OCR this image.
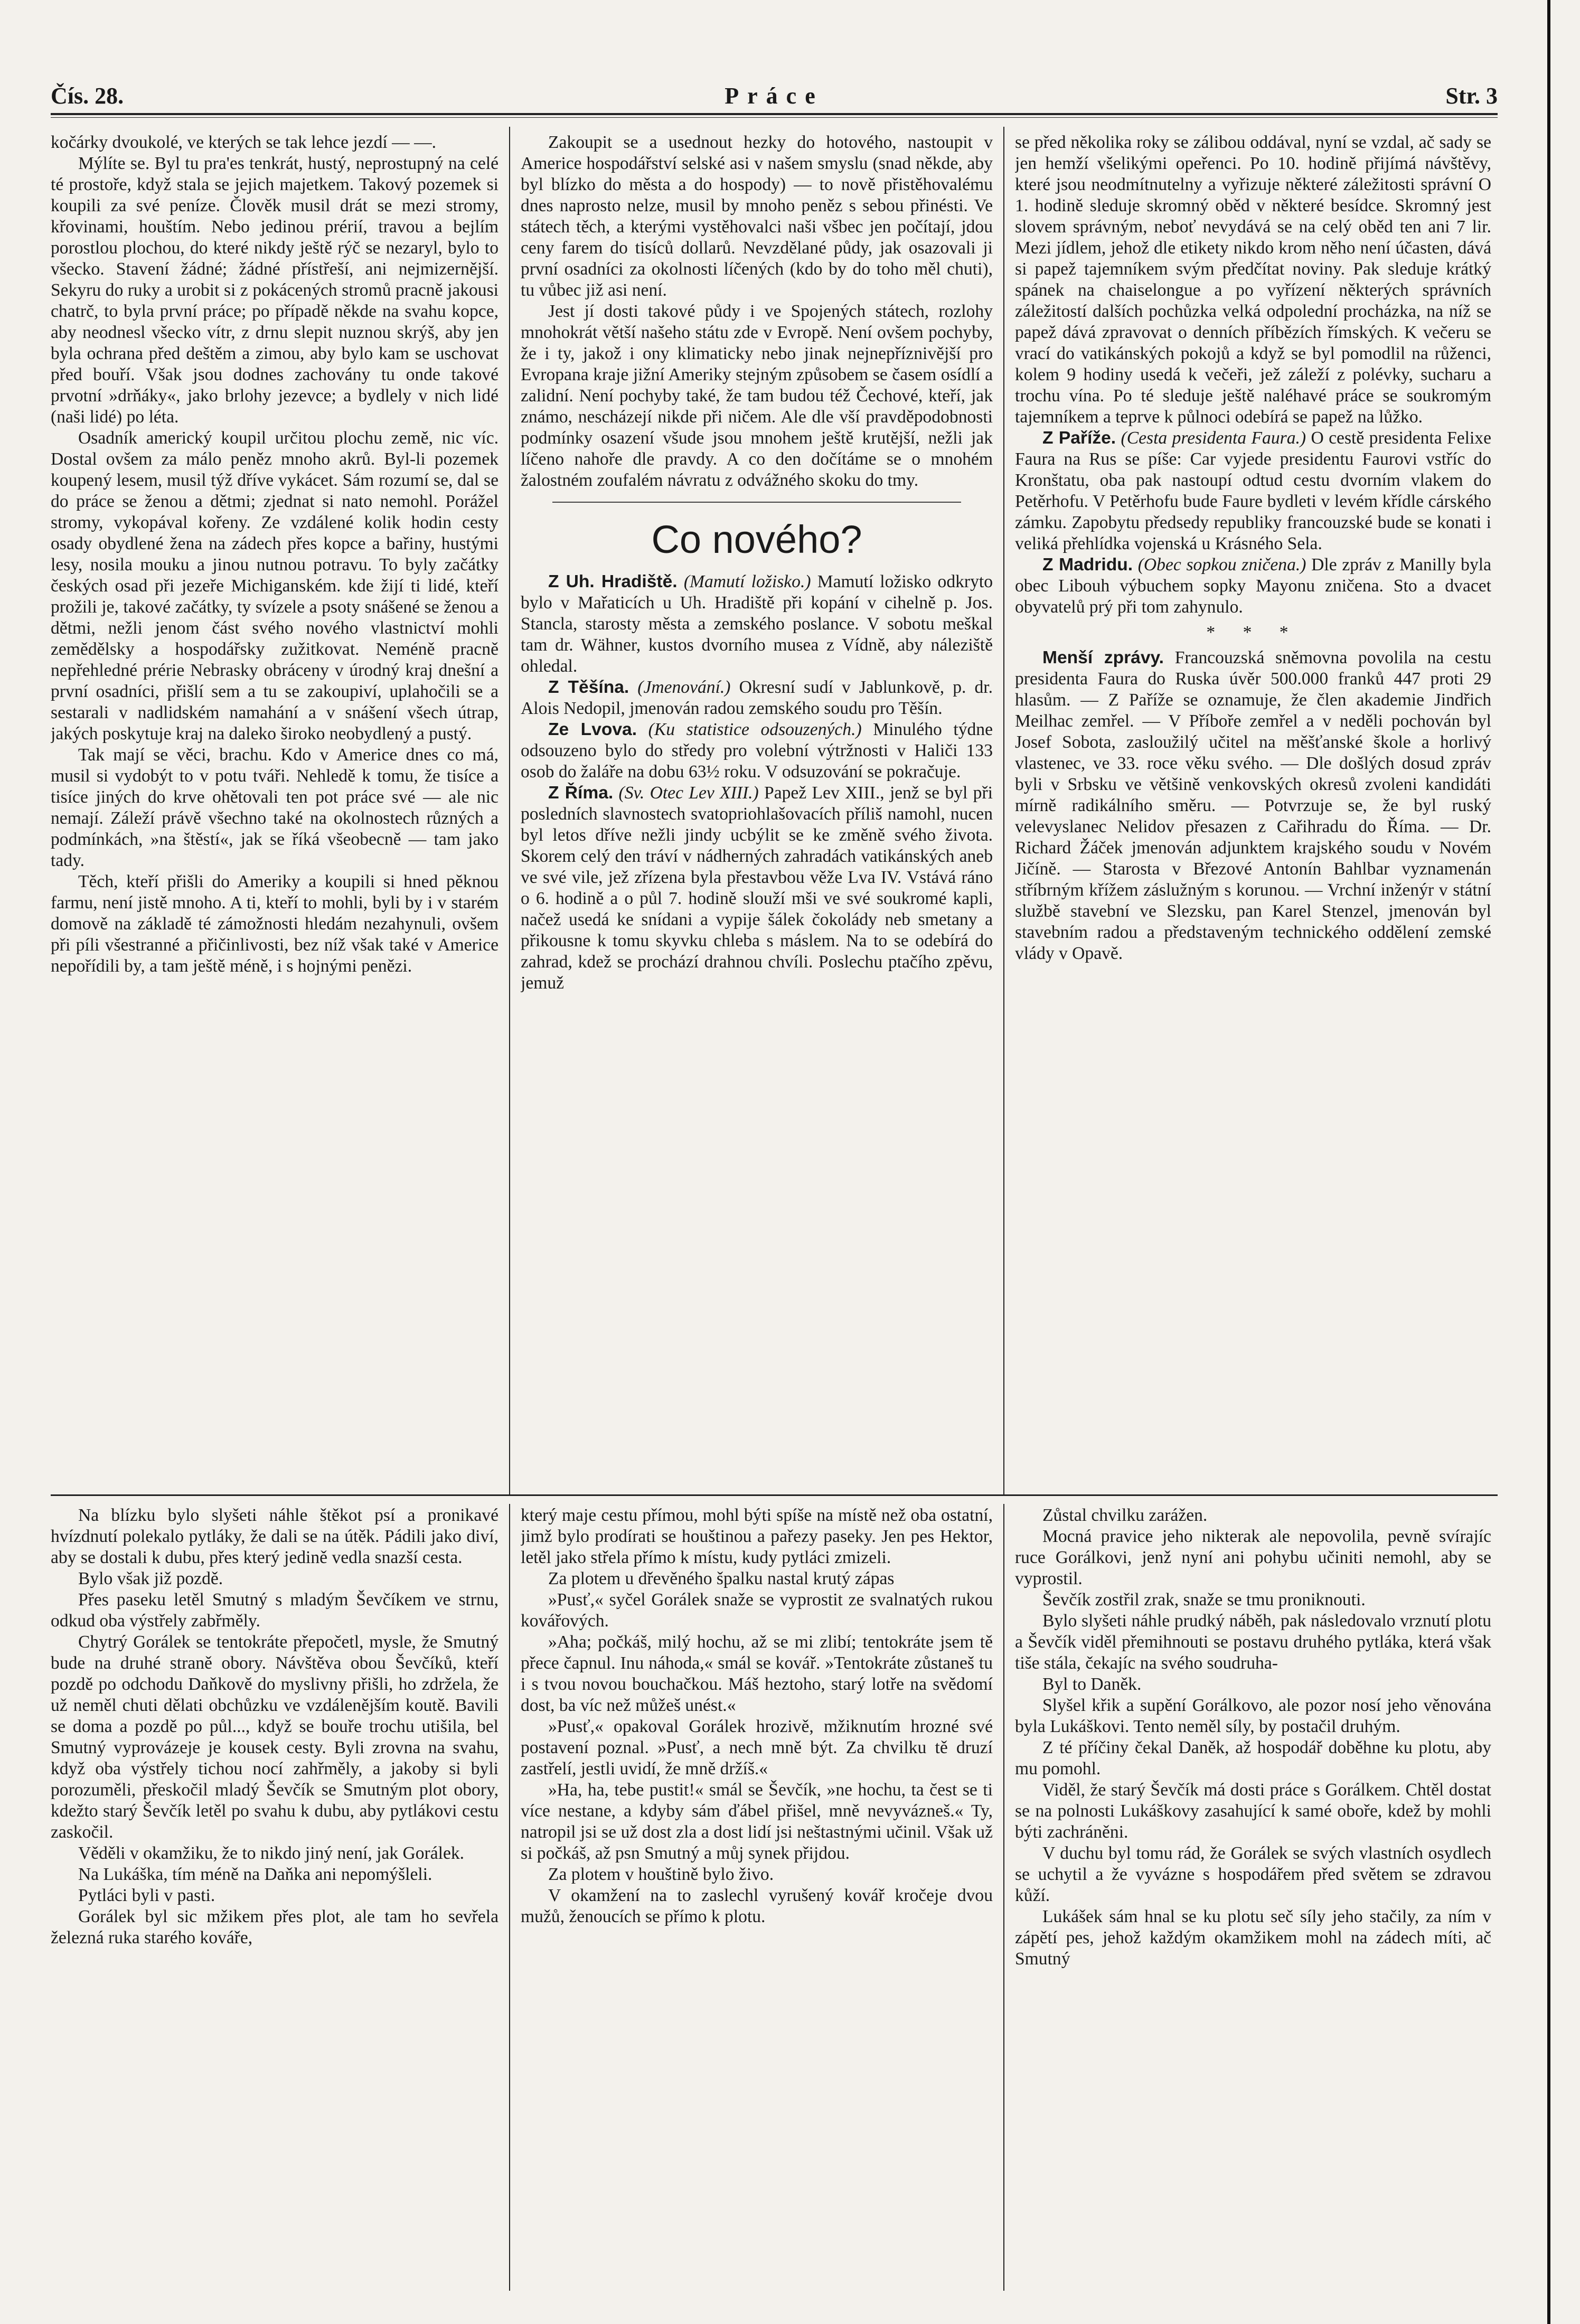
Čís. 28.	Práce	Str. 3

kočárky dvoukolé, ve kterých se tak lehce jezdí — —.

Mýlíte se. Byl tu pra'es tenkrát, hustý, neprostupný na celé té prostoře, když stala se jejich majetkem. Takový pozemek si koupili za své peníze. Člověk musil drát se mezi stromy, křovinami, houštím. Nebo jedinou prérií, travou a bejlím porostlou plochou, do které nikdy ještě rýč se nezaryl, bylo to všecko. Stavení žádné; žádné přístřeší, ani nejmizernější. Sekyru do ruky a urobit si z pokácených stromů pracně jakousi chatrč, to byla první práce; po případě někde na svahu kopce, aby neodnesl všecko vítr, z drnu slepit nuznou skrýš, aby jen byla ochrana před deštěm a zimou, aby bylo kam se uschovat před bouří. Však jsou dodnes zachovány tu onde takové prvotní »drňáky«, jako brlohy jezevce; a bydlely v nich lidé (naši lidé) po léta.

Osadník americký koupil určitou plochu země, nic víc. Dostal ovšem za málo peněz mnoho akrů. Byl-li pozemek koupený lesem, musil týž dříve vykácet. Sám rozumí se, dal se do práce se ženou a dětmi; zjednat si nato nemohl. Porážel stromy, vykopával kořeny. Ze vzdálené kolik hodin cesty osady obydlené žena na zádech přes kopce a bařiny, hustými lesy, nosila mouku a jinou nutnou potravu. To byly začátky českých osad při jezeře Michiganském. kde žijí ti lidé, kteří prožili je, takové začátky, ty svízele a psoty snášené se ženou a dětmi, nežli jenom část svého nového vlastnictví mohli zemědělsky a hospodářsky zužitkovat. Neméně pracně nepřehledné prérie Nebrasky obráceny v úrodný kraj dnešní a první osadníci, přišlí sem a tu se zakoupiví, uplahočili se a sestarali v nadlidském namahání a v snášení všech útrap, jakých poskytuje kraj na daleko široko neobydlený a pustý.

Tak mají se věci, brachu. Kdo v Americe dnes co má, musil si vydobýt to v potu tváři. Nehledě k tomu, že tisíce a tisíce jiných do krve ohětovali ten pot práce své — ale nic nemají. Záleží právě všechno také na okolnostech různých a podmínkách, »na štěstí«, jak se říká všeobecně — tam jako tady.

Těch, kteří přišli do Ameriky a koupili si hned pěknou farmu, není jistě mnoho. A ti, kteří to mohli, byli by i v starém domově na základě té zámožnosti hledám nezahynuli, ovšem při píli všestranné a přičinlivosti, bez níž však také v Americe nepořídili by, a tam ještě méně, i s hojnými penězi.

Zakoupit se a usednout hezky do hotového, nastoupit v Americe hospodářství selské asi v našem smyslu (snad někde, aby byl blízko do města a do hospody) — to nově přistěhovalému dnes naprosto nelze, musil by mnoho peněz s sebou přinésti. Ve státech těch, a kterými vystěhovalci naši všbec jen počítají, jdou ceny farem do tisíců dollarů. Nevzdělané půdy, jak osazovali ji první osadníci za okolnosti líčených (kdo by do toho měl chuti), tu vůbec již asi není.

Jest jí dosti takové půdy i ve Spojených státech, rozlohy mnohokrát větší našeho státu zde v Evropě. Není ovšem pochyby, že i ty, jakož i ony klimaticky nebo jinak nejnepříznivější pro Evropana kraje jižní Ameriky stejným způsobem se časem osídlí a zalidní. Není pochyby také, že tam budou též Čechové, kteří, jak známo, nescházejí nikde při ničem. Ale dle vší pravděpodobnosti podmínky osazení všude jsou mnohem ještě krutější, nežli jak líčeno nahoře dle pravdy. A co den dočítáme se o mnohém žalostném zoufalém návratu z odvážného skoku do tmy.

Co nového?

Z Uh. Hradiště. (Mamutí ložisko.) Mamutí ložisko odkryto bylo v Mařaticích u Uh. Hradiště při kopání v cihelně p. Jos. Stancla, starosty města a zemského poslance. V sobotu meškal tam dr. Wähner, kustos dvorního musea z Vídně, aby náleziště ohledal.

Z Těšína. (Jmenování.) Okresní sudí v Jablunkově, p. dr. Alois Nedopil, jmenován radou zemského soudu pro Těšín.

Ze Lvova. (Ku statistice odsouzených.) Minulého týdne odsouzeno bylo do středy pro volební výtržnosti v Haliči 133 osob do žaláře na dobu 63½ roku. V odsuzování se pokračuje.

Z Říma. (Sv. Otec Lev XIII.) Papež Lev XIII., jenž se byl při posledních slavnostech svatopriohlašovacích příliš namohl, nucen byl letos dříve nežli jindy ucbýlit se ke změně svého života. Skorem celý den tráví v nádherných zahradách vatikánských aneb ve své vile, jež zřízena byla přestavbou věže Lva IV. Vstává ráno o 6. hodině a o půl 7. hodině slouží mši ve své soukromé kapli, načež usedá ke snídani a vypije šálek čokolády neb smetany a přikousne k tomu skyvku chleba s máslem. Na to se odebírá do zahrad, kdež se prochází drahnou chvíli. Poslechu ptačího zpěvu, jemuž

se před několika roky se zálibou oddával, nyní se vzdal, ač sady se jen hemží všelikými opeřenci. Po 10. hodině přijímá návštěvy, které jsou neodmítnutelny a vyřizuje některé záležitosti správní O 1. hodině sleduje skromný oběd v některé besídce. Skromný jest slovem správným, neboť nevydává se na celý oběd ten ani 7 lir. Mezi jídlem, jehož dle etikety nikdo krom něho není účasten, dává si papež tajemníkem svým předčítat noviny. Pak sleduje krátký spánek na chaiselongue a po vyřízení některých správních záležitostí dalších pochůzka velká odpolední procházka, na níž se papež dává zpravovat o denních příbězích římských. K večeru se vrací do vatikánských pokojů a když se byl pomodlil na růženci, kolem 9 hodiny usedá k večeři, jež záleží z polévky, sucharu a trochu vína. Po té sleduje ještě naléhavé práce se soukromým tajemníkem a teprve k půlnoci odebírá se papež na lůžko.

Z Paříže. (Cesta presidenta Faura.) O cestě presidenta Felixe Faura na Rus se píše: Car vyjede presidentu Faurovi vstříc do Kronštatu, oba pak nastoupí odtud cestu dvorním vlakem do Petěrhofu. V Petěrhofu bude Faure bydleti v levém křídle cárského zámku. Zapobytu předsedy republiky francouzské bude se konati i veliká přehlídka vojenská u Krásného Sela.

Z Madridu. (Obec sopkou zničena.) Dle zpráv z Manilly byla obec Libouh výbuchem sopky Mayonu zničena. Sto a dvacet obyvatelů prý při tom zahynulo.

* * *

Menší zprávy. Francouzská sněmovna povolila na cestu presidenta Faura do Ruska úvěr 500.000 franků 447 proti 29 hlasům. — Z Paříže se oznamuje, že člen akademie Jindřich Meilhac zemřel. — V Příboře zemřel a v neděli pochován byl Josef Sobota, zasloužilý učitel na měšťanské škole a horlivý vlastenec, ve 33. roce věku svého. — Dle došlých dosud zpráv byli v Srbsku ve většině venkovských okresů zvoleni kandidáti mírně radikálního směru. — Potvrzuje se, že byl ruský velevyslanec Nelidov přesazen z Cařihradu do Říma. — Dr. Richard Žáček jmenován adjunktem krajského soudu v Novém Jičíně. — Starosta v Březové Antonín Bahlbar vyznamenán stříbrným křížem záslužným s korunou. — Vrchní inženýr v státní službě stavební ve Slezsku, pan Karel Stenzel, jmenován byl stavebním radou a představeným technického oddělení zemské vlády v Opavě.

Na blízku bylo slyšeti náhle štěkot psí a pronikavé hvízdnutí polekalo pytláky, že dali se na útěk. Pádili jako diví, aby se dostali k dubu, přes který jedině vedla snazší cesta.

Bylo však již pozdě.

Přes paseku letěl Smutný s mladým Ševčíkem ve strnu, odkud oba výstřely zabřměly.

Chytrý Gorálek se tentokráte přepočetl, mysle, že Smutný bude na druhé straně obory. Návštěva obou Ševčíků, kteří pozdě po odchodu Daňkově do myslivny přišli, ho zdržela, že už neměl chuti dělati obchůzku ve vzdálenějším koutě. Bavili se doma a pozdě po půl..., když se bouře trochu utišila, bel Smutný vyprovázeje je kousek cesty. Byli zrovna na svahu, když oba výstřely tichou nocí zahřměly, a jakoby si byli porozuměli, přeskočil mladý Ševčík se Smutným plot obory, kdežto starý Ševčík letěl po svahu k dubu, aby pytlákovi cestu zaskočil.

Věděli v okamžiku, že to nikdo jiný není, jak Gorálek.

Na Lukáška, tím méně na Daňka ani nepomýšleli.

Pytláci byli v pasti.

Gorálek byl sic mžikem přes plot, ale tam ho sevřela železná ruka starého kováře,

který maje cestu přímou, mohl býti spíše na místě než oba ostatní, jimž bylo prodírati se houštinou a pařezy paseky. Jen pes Hektor, letěl jako střela přímo k místu, kudy pytláci zmizeli.

Za plotem u dřevěného špalku nastal krutý zápas

»Pusť,« syčel Gorálek snaže se vyprostit ze svalnatých rukou kovářových.

»Aha; počkáš, milý hochu, až se mi zlibí; tentokráte jsem tě přece čapnul. Inu náhoda,« smál se kovář. »Tentokráte zůstaneš tu i s tvou novou bouchačkou. Máš heztoho, starý lotře na svědomí dost, ba víc než můžeš unést.«

»Pusť,« opakoval Gorálek hrozivě, mžiknutím hrozné své postavení poznal. »Pusť, a nech mně být. Za chvilku tě druzí zastřelí, jestli uvidí, že mně držíš.«

»Ha, ha, tebe pustit!« smál se Ševčík, »ne hochu, ta čest se ti více nestane, a kdyby sám ďábel přišel, mně nevyvázneš.« Ty, natropil jsi se už dost zla a dost lidí jsi neštastnými učinil. Však už si počkáš, až psn Smutný a můj synek přijdou.

Za plotem v houštině bylo živo.

V okamžení na to zaslechl vyrušený kovář kročeje dvou mužů, ženoucích se přímo k plotu.

Zůstal chvilku zarážen.

Mocná pravice jeho nikterak ale nepovolila, pevně svírajíc ruce Gorálkovi, jenž nyní ani pohybu učiniti nemohl, aby se vyprostil.

Ševčík zostřil zrak, snaže se tmu proniknouti.

Bylo slyšeti náhle prudký náběh, pak následovalo vrznutí plotu a Ševčík viděl přemihnouti se postavu druhého pytláka, která však tiše stála, čekajíc na svého soudruha-

Byl to Daněk.

Slyšel křik a supění Gorálkovo, ale pozor nosí jeho věnována byla Lukáškovi. Tento neměl síly, by postačil druhým.

Z té příčiny čekal Daněk, až hospodář doběhne ku plotu, aby mu pomohl.

Viděl, že starý Ševčík má dosti práce s Gorálkem. Chtěl dostat se na polnosti Lukáškovy zasahující k samé oboře, kdež by mohli býti zachráněni.

V duchu byl tomu rád, že Gorálek se svých vlastních osydlech se uchytil a že vyvázne s hospodářem před světem se zdravou kůží.

Lukášek sám hnal se ku plotu seč síly jeho stačily, za ním v zápětí pes, jehož každým okamžikem mohl na zádech míti, ač Smutný
